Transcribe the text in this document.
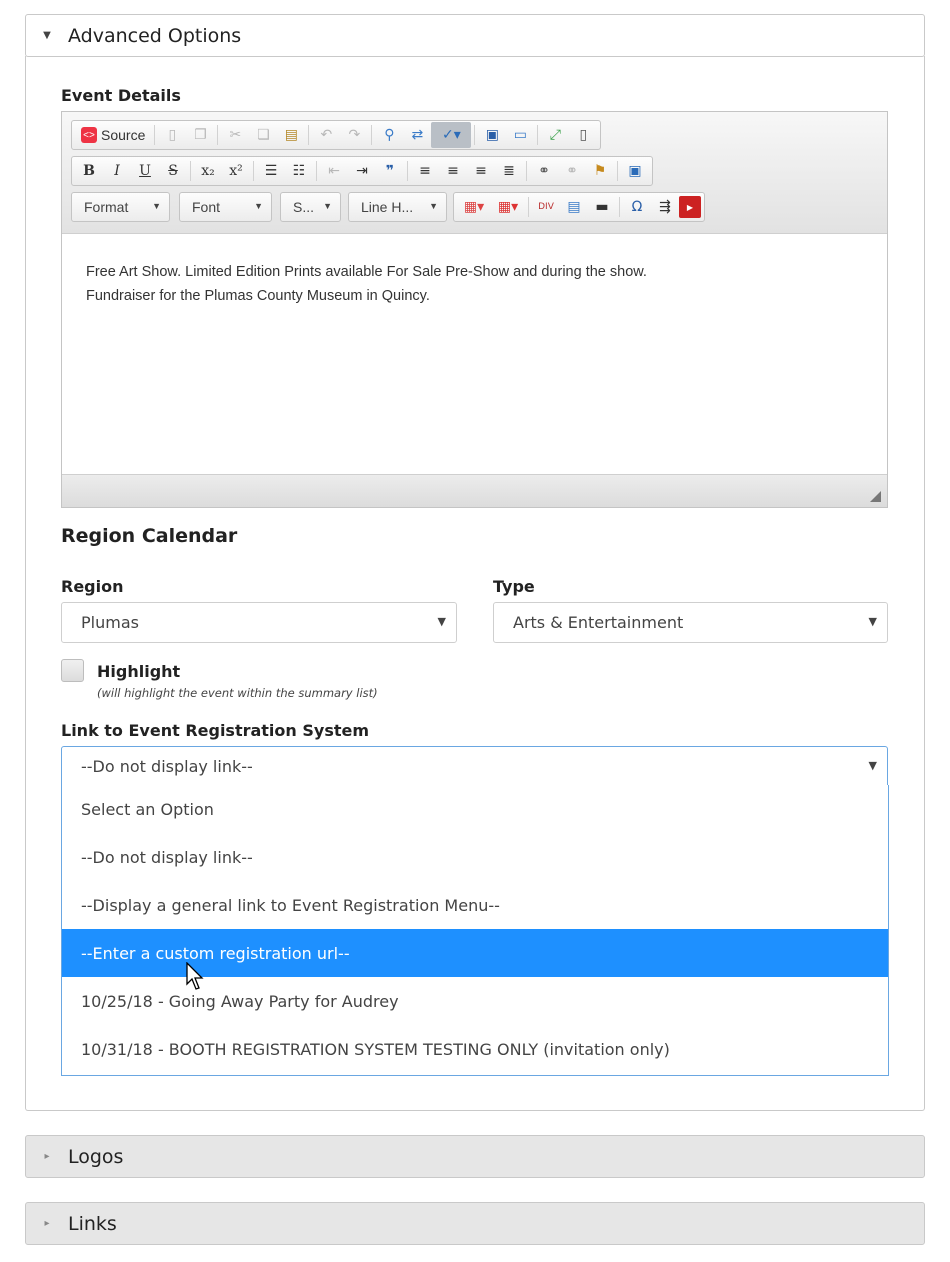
▼ Advanced Options
Event Details
<> Source	▯	❐	✂	❏	▤	↶	↷	⚲	⇄	✓▾	▣	▭	⤢	▯
B	I	U	S	x₂	x²	☰	☷	⇤	⇥	❞	≡	≡	≡	≣	⚭	⚭	⚑	▣
Format	▼ Font	▼ S... ▼ Line H... ▼	▦▾ ▦▾	DIV ▤	▬	Ω	⇶	▶
Free Art Show. Limited Edition Prints available For Sale Pre-Show and during the show.
Fundraiser for the Plumas County Museum in Quincy.
Region Calendar
Region
Plumas	▼
Type
Arts & Entertainment	▼
Highlight
(will highlight the event within the summary list)
Link to Event Registration System
--Do not display link--	▼
Select an Option
--Do not display link--
--Display a general link to Event Registration Menu--
--Enter a custom registration url--
10/25/18 - Going Away Party for Audrey
10/31/18 - BOOTH REGISTRATION SYSTEM TESTING ONLY (invitation only)
▸ Logos
▸ Links
